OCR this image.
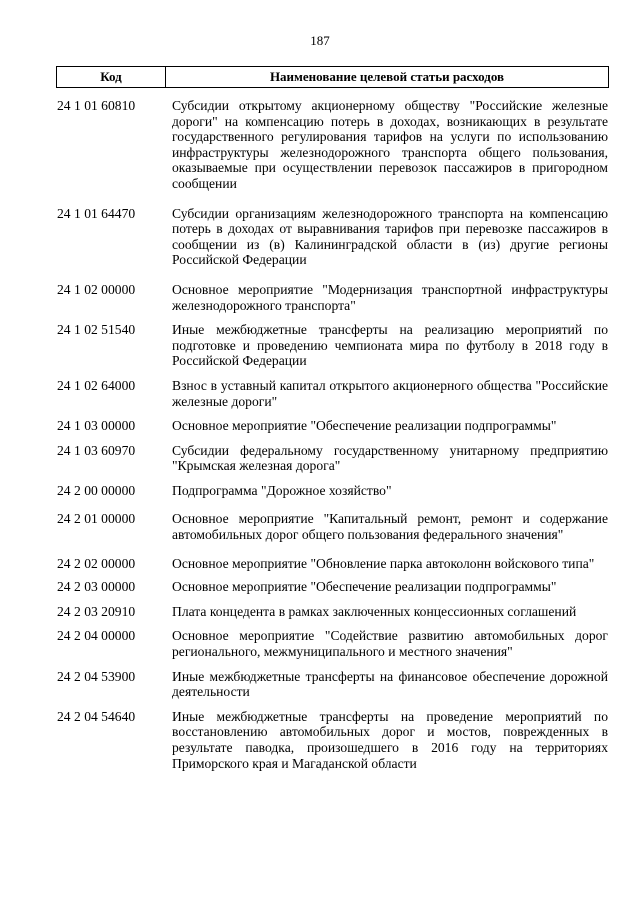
187
Код	Наименование целевой статьи расходов
24 1 01 60810	Субсидии открытому акционерному обществу "Российские железные дороги" на компенсацию потерь в доходах, возникающих в результате государственного регулирования тарифов на услуги по использованию инфраструктуры железнодорожного транспорта общего пользования, оказываемые при осуществлении перевозок пассажиров в пригородном сообщении
24 1 01 64470	Субсидии организациям железнодорожного транспорта на компенсацию потерь в доходах от выравнивания тарифов при перевозке пассажиров в сообщении из (в) Калининградской области в (из) другие регионы Российской Федерации
24 1 02 00000	Основное мероприятие "Модернизация транспортной инфраструктуры железнодорожного транспорта"
24 1 02 51540	Иные межбюджетные трансферты на реализацию мероприятий по подготовке и проведению чемпионата мира по футболу в 2018 году в Российской Федерации
24 1 02 64000	Взнос в уставный капитал открытого акционерного общества "Российские железные дороги"
24 1 03 00000	Основное мероприятие "Обеспечение реализации подпрограммы"
24 1 03 60970	Субсидии федеральному государственному унитарному предприятию "Крымская железная дорога"
24 2 00 00000	Подпрограмма "Дорожное хозяйство"
24 2 01 00000	Основное мероприятие "Капитальный ремонт, ремонт и содержание автомобильных дорог общего пользования федерального значения"
24 2 02 00000	Основное мероприятие "Обновление парка автоколонн войскового типа"
24 2 03 00000	Основное мероприятие "Обеспечение реализации подпрограммы"
24 2 03 20910	Плата концедента в рамках заключенных концессионных соглашений
24 2 04 00000	Основное мероприятие "Содействие развитию автомобильных дорог регионального, межмуниципального и местного значения"
24 2 04 53900	Иные межбюджетные трансферты на финансовое обеспечение дорожной деятельности
24 2 04 54640	Иные межбюджетные трансферты на проведение мероприятий по восстановлению автомобильных дорог и мостов, поврежденных в результате паводка, произошедшего в 2016 году на территориях Приморского края и Магаданской области
